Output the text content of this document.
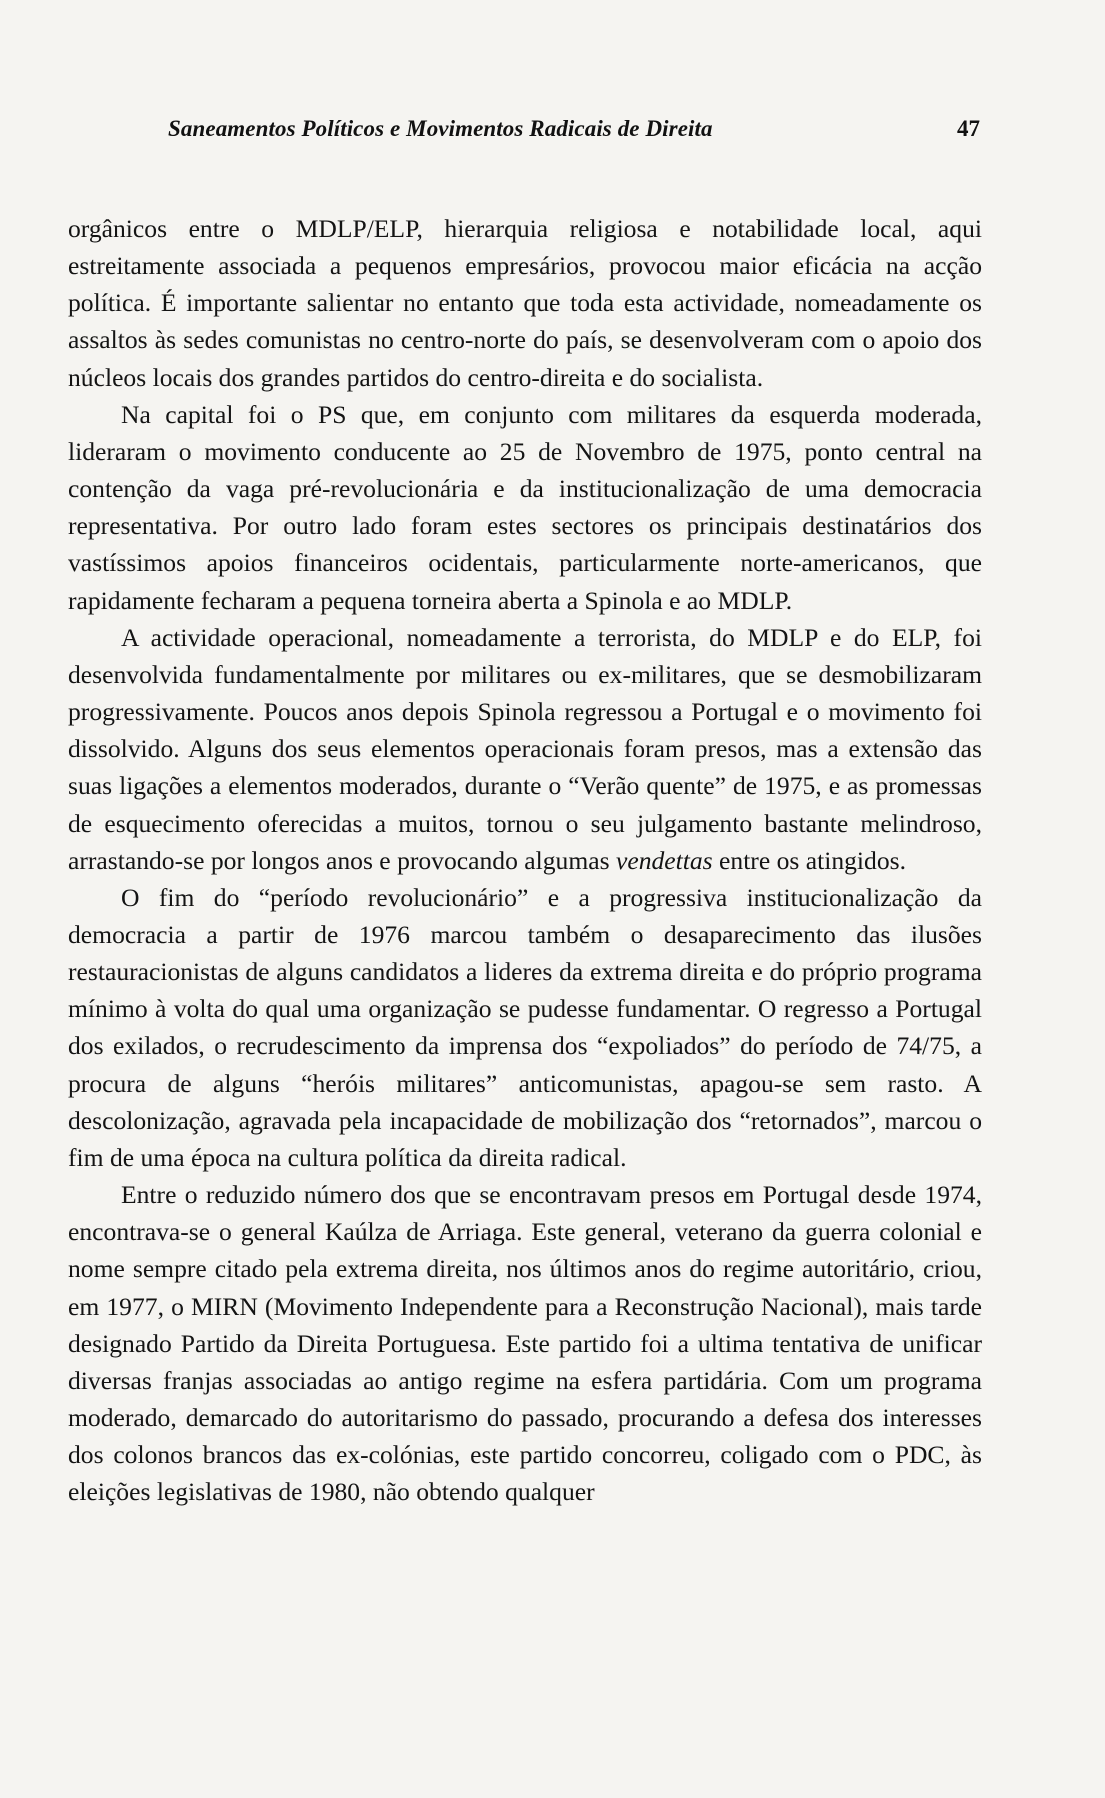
Saneamentos Políticos e Movimentos Radicais de Direita	47

orgânicos entre o MDLP/ELP, hierarquia religiosa e notabilidade local, aqui estreitamente associada a pequenos empresários, provocou maior eficácia na acção política. É importante salientar no entanto que toda esta actividade, nomeadamente os assaltos às sedes comunistas no centro-norte do país, se desenvolveram com o apoio dos núcleos locais dos grandes partidos do centro-direita e do socialista.

Na capital foi o PS que, em conjunto com militares da esquerda moderada, lideraram o movimento conducente ao 25 de Novembro de 1975, ponto central na contenção da vaga pré-revolucionária e da institucionalização de uma democracia representativa. Por outro lado foram estes sectores os principais destinatários dos vastíssimos apoios financeiros ocidentais, particularmente norte-americanos, que rapidamente fecharam a pequena torneira aberta a Spinola e ao MDLP.

A actividade operacional, nomeadamente a terrorista, do MDLP e do ELP, foi desenvolvida fundamentalmente por militares ou ex-militares, que se desmobilizaram progressivamente. Poucos anos depois Spinola regressou a Portugal e o movimento foi dissolvido. Alguns dos seus elementos operacionais foram presos, mas a extensão das suas ligações a elementos moderados, durante o “Verão quente” de 1975, e as promessas de esquecimento oferecidas a muitos, tornou o seu julgamento bastante melindroso, arrastando-se por longos anos e provocando algumas vendettas entre os atingidos.

O fim do “período revolucionário” e a progressiva institucionalização da democracia a partir de 1976 marcou também o desaparecimento das ilusões restauracionistas de alguns candidatos a lideres da extrema direita e do próprio programa mínimo à volta do qual uma organização se pudesse fundamentar. O regresso a Portugal dos exilados, o recrudescimento da imprensa dos “expoliados” do período de 74/75, a procura de alguns “heróis militares” anticomunistas, apagou-se sem rasto. A descolonização, agravada pela incapacidade de mobilização dos “retornados”, marcou o fim de uma época na cultura política da direita radical.

Entre o reduzido número dos que se encontravam presos em Portugal desde 1974, encontrava-se o general Kaúlza de Arriaga. Este general, veterano da guerra colonial e nome sempre citado pela extrema direita, nos últimos anos do regime autoritário, criou, em 1977, o MIRN (Movimento Independente para a Reconstrução Nacional), mais tarde designado Partido da Direita Portuguesa. Este partido foi a ultima tentativa de unificar diversas franjas associadas ao antigo regime na esfera partidária. Com um programa moderado, demarcado do autoritarismo do passado, procurando a defesa dos interesses dos colonos brancos das ex-colónias, este partido concorreu, coligado com o PDC, às eleições legislativas de 1980, não obtendo qualquer
